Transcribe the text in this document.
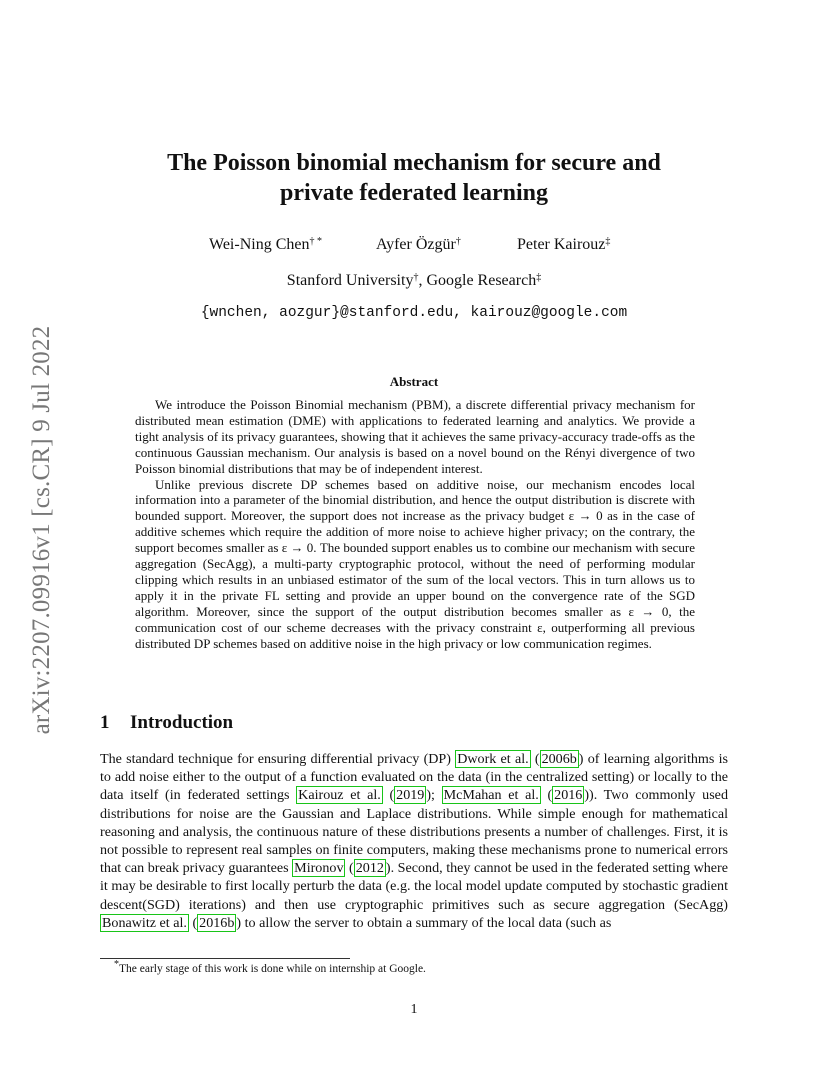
arXiv:2207.09916v1 [cs.CR] 9 Jul 2022
The Poisson binomial mechanism for secure and
private federated learning
Wei-Ning Chen† *	Ayfer Özgür†	Peter Kairouz‡
Stanford University†, Google Research‡
{wnchen, aozgur}@stanford.edu, kairouz@google.com
Abstract

We introduce the Poisson Binomial mechanism (PBM), a discrete differential privacy mechanism for distributed mean estimation (DME) with applications to federated learning and analytics. We provide a tight analysis of its privacy guarantees, showing that it achieves the same privacy-accuracy trade-offs as the continuous Gaussian mechanism. Our analysis is based on a novel bound on the Rényi divergence of two Poisson binomial distributions that may be of independent interest.

Unlike previous discrete DP schemes based on additive noise, our mechanism encodes local information into a parameter of the binomial distribution, and hence the output distribution is discrete with bounded support. Moreover, the support does not increase as the privacy budget ε → 0 as in the case of additive schemes which require the addition of more noise to achieve higher privacy; on the contrary, the support becomes smaller as ε → 0. The bounded support enables us to combine our mechanism with secure aggregation (SecAgg), a multi-party cryptographic protocol, without the need of performing modular clipping which results in an unbiased estimator of the sum of the local vectors. This in turn allows us to apply it in the private FL setting and provide an upper bound on the convergence rate of the SGD algorithm. Moreover, since the support of the output distribution becomes smaller as ε → 0, the communication cost of our scheme decreases with the privacy constraint ε, outperforming all previous distributed DP schemes based on additive noise in the high privacy or low communication regimes.

1 Introduction

The standard technique for ensuring differential privacy (DP) Dwork et al. ( 2006b ) of learning algorithms is to add noise either to the output of a function evaluated on the data (in the centralized setting) or locally to the data itself (in federated settings Kairouz et al. ( 2019 ); McMahan et al. ( 2016 )). Two commonly used distributions for noise are the Gaussian and Laplace distributions. While simple enough for mathematical reasoning and analysis, the continuous nature of these distributions presents a number of challenges. First, it is not possible to represent real samples on finite computers, making these mechanisms prone to numerical errors that can break privacy guarantees Mironov ( 2012 ). Second, they cannot be used in the federated setting where it may be desirable to first locally perturb the data (e.g. the local model update computed by stochastic gradient descent(SGD) iterations) and then use cryptographic primitives such as secure aggregation (SecAgg) Bonawitz et al. ( 2016b ) to allow the server to obtain a summary of the local data (such as

*The early stage of this work is done while on internship at Google.
1
